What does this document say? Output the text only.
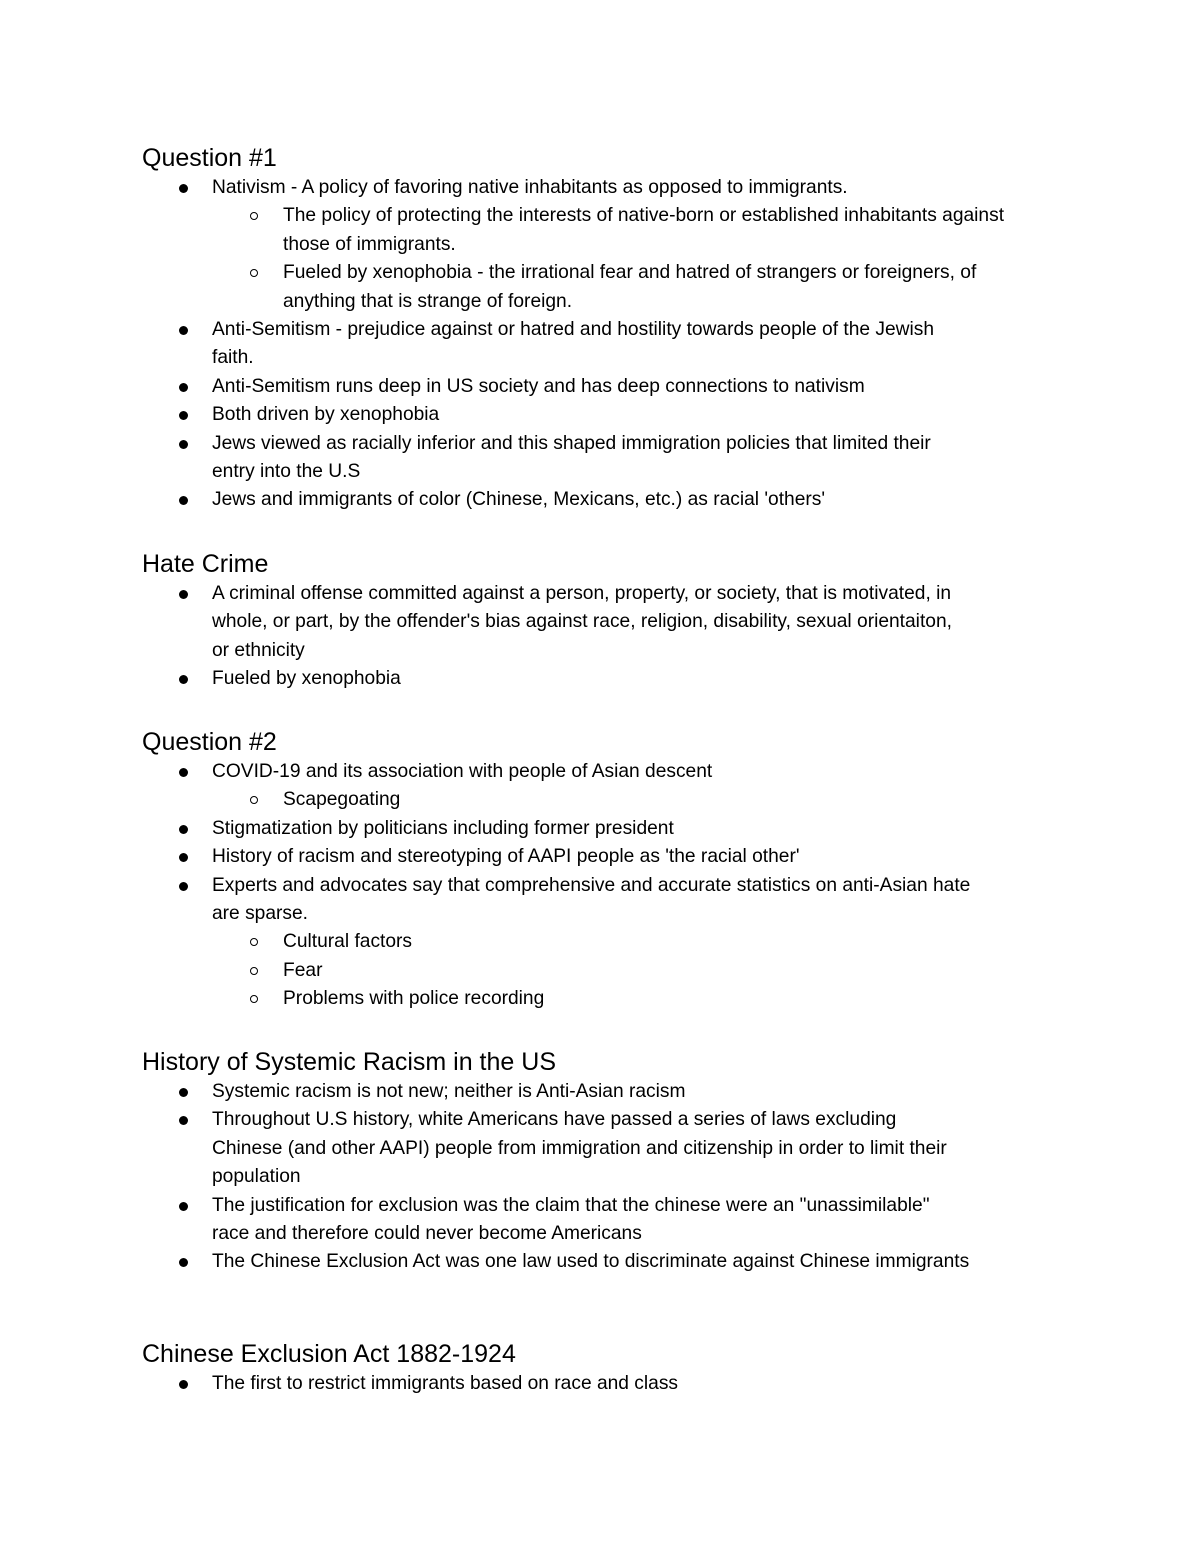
Question #1
Nativism - A policy of favoring native inhabitants as opposed to immigrants.
The policy of protecting the interests of native-born or established inhabitants against those of immigrants.
Fueled by xenophobia - the irrational fear and hatred of strangers or foreigners, of anything that is strange of foreign.
Anti-Semitism - prejudice against or hatred and hostility towards people of the Jewish faith.
Anti-Semitism runs deep in US society and has deep connections to nativism
Both driven by xenophobia
Jews viewed as racially inferior and this shaped immigration policies that limited their entry into the U.S
Jews and immigrants of color (Chinese, Mexicans, etc.) as racial 'others'
Hate Crime
A criminal offense committed against a person, property, or society, that is motivated, in whole, or part, by the offender's bias against race, religion, disability, sexual orientaiton, or ethnicity
Fueled by xenophobia
Question #2
COVID-19 and its association with people of Asian descent
Scapegoating
Stigmatization by politicians including former president
History of racism and stereotyping of AAPI people as 'the racial other'
Experts and advocates say that comprehensive and accurate statistics on anti-Asian hate are sparse.
Cultural factors
Fear
Problems with police recording
History of Systemic Racism in the US
Systemic racism is not new; neither is Anti-Asian racism
Throughout U.S history, white Americans have passed a series of laws excluding Chinese (and other AAPI) people from immigration and citizenship in order to limit their population
The justification for exclusion was the claim that the chinese were an "unassimilable" race and therefore could never become Americans
The Chinese Exclusion Act was one law used to discriminate against Chinese immigrants
Chinese Exclusion Act 1882-1924
The first to restrict immigrants based on race and class
